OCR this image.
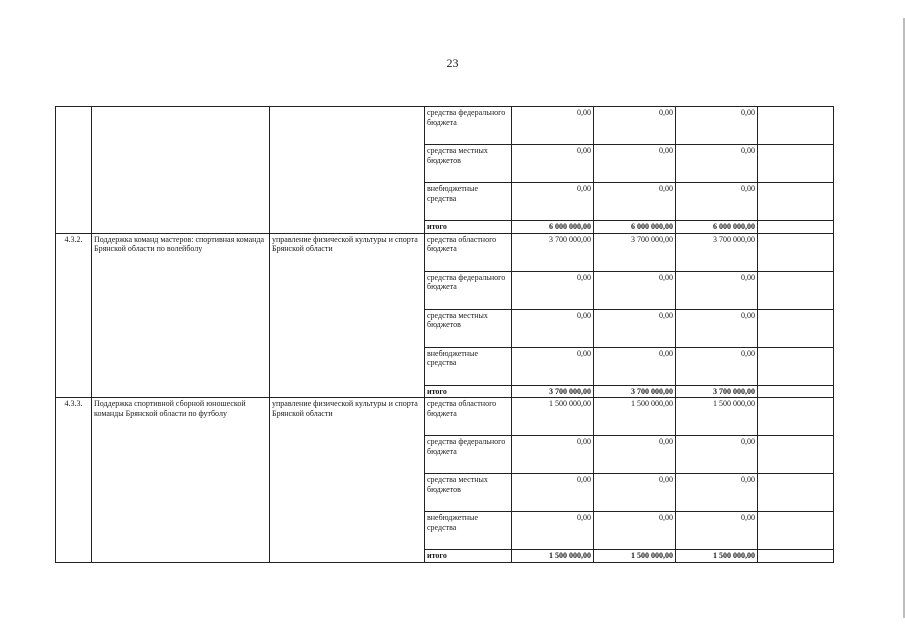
23
			средства федерального бюджета	0,00	0,00	0,00	
			средства местных бюджетов	0,00	0,00	0,00	
			внебюджетные средства	0,00	0,00	0,00	
			итого	6 000 000,00	6 000 000,00	6 000 000,00	
4.3.2.	Поддержка команд мастеров: спортивная команда Брянской области по волейболу	управление физической культуры и спорта Брянской области	средства областного бюджета	3 700 000,00	3 700 000,00	3 700 000,00	
			средства федерального бюджета	0,00	0,00	0,00	
			средства местных бюджетов	0,00	0,00	0,00	
			внебюджетные средства	0,00	0,00	0,00	
			итого	3 700 000,00	3 700 000,00	3 700 000,00	
4.3.3.	Поддержка спортивной сборной юношеской команды Брянской области по футболу	управление физической культуры и спорта Брянской области	средства областного бюджета	1 500 000,00	1 500 000,00	1 500 000,00	
			средства федерального бюджета	0,00	0,00	0,00	
			средства местных бюджетов	0,00	0,00	0,00	
			внебюджетные средства	0,00	0,00	0,00	
			итого	1 500 000,00	1 500 000,00	1 500 000,00	
